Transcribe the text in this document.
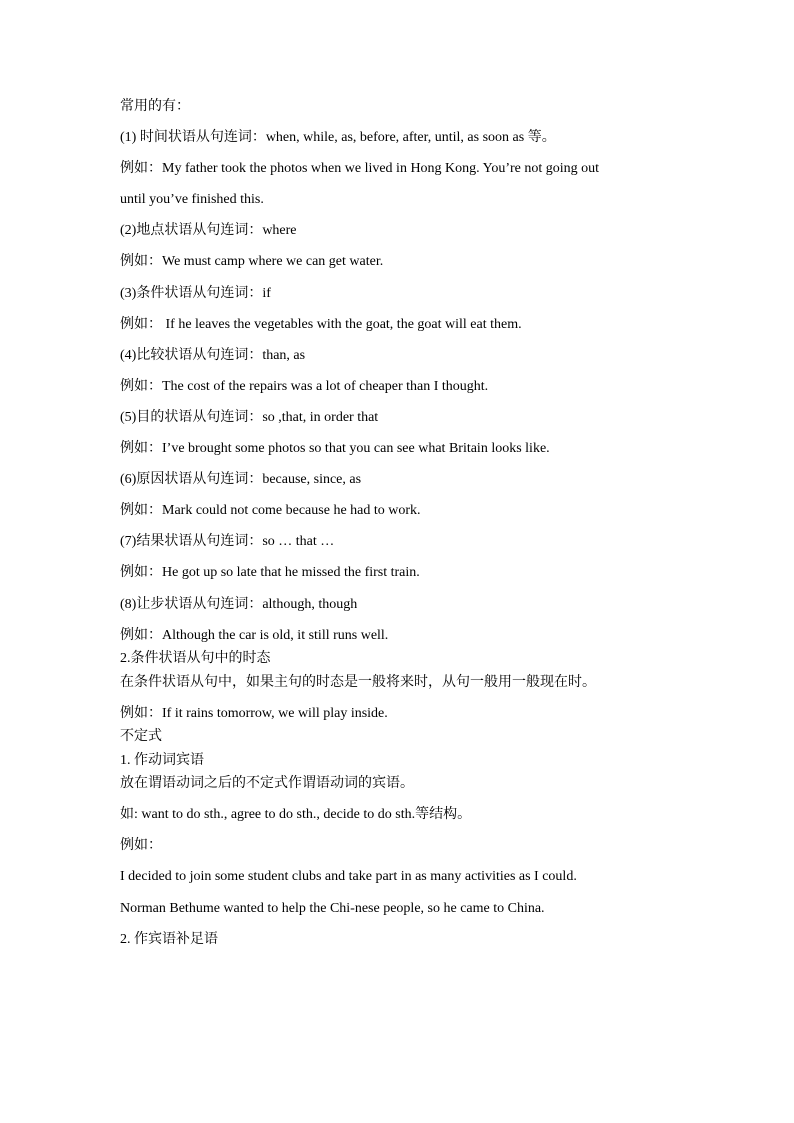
常用的有：

(1) 时间状语从句连词：when, while, as, before, after, until, as soon as 等。

例如：My father took the photos when we lived in Hong Kong. You’re not going out

until you’ve finished this.

(2)地点状语从句连词：where

例如：We must camp where we can get water.

(3)条件状语从句连词：if

例如： If he leaves the vegetables with the goat, the goat will eat them.

(4)比较状语从句连词：than, as

例如：The cost of the repairs was a lot of cheaper than I thought.

(5)目的状语从句连词：so ,that, in order that

例如：I’ve brought some photos so that you can see what Britain looks like.

(6)原因状语从句连词：because, since, as

例如：Mark could not come because he had to work.

(7)结果状语从句连词：so … that …

例如：He got up so late that he missed the first train.

(8)让步状语从句连词：although, though

例如：Although the car is old, it still runs well.

2.条件状语从句中的时态

在条件状语从句中，如果主句的时态是一般将来时，从句一般用一般现在时。

例如：If it rains tomorrow, we will play inside.

不定式

1. 作动词宾语

放在谓语动词之后的不定式作谓语动词的宾语。

如: want to do sth., agree to do sth., decide to do sth.等结构。

例如：

I decided to join some student clubs and take part in as many activities as I could.

Norman Bethume wanted to help the Chi-nese people, so he came to China.

2. 作宾语补足语
